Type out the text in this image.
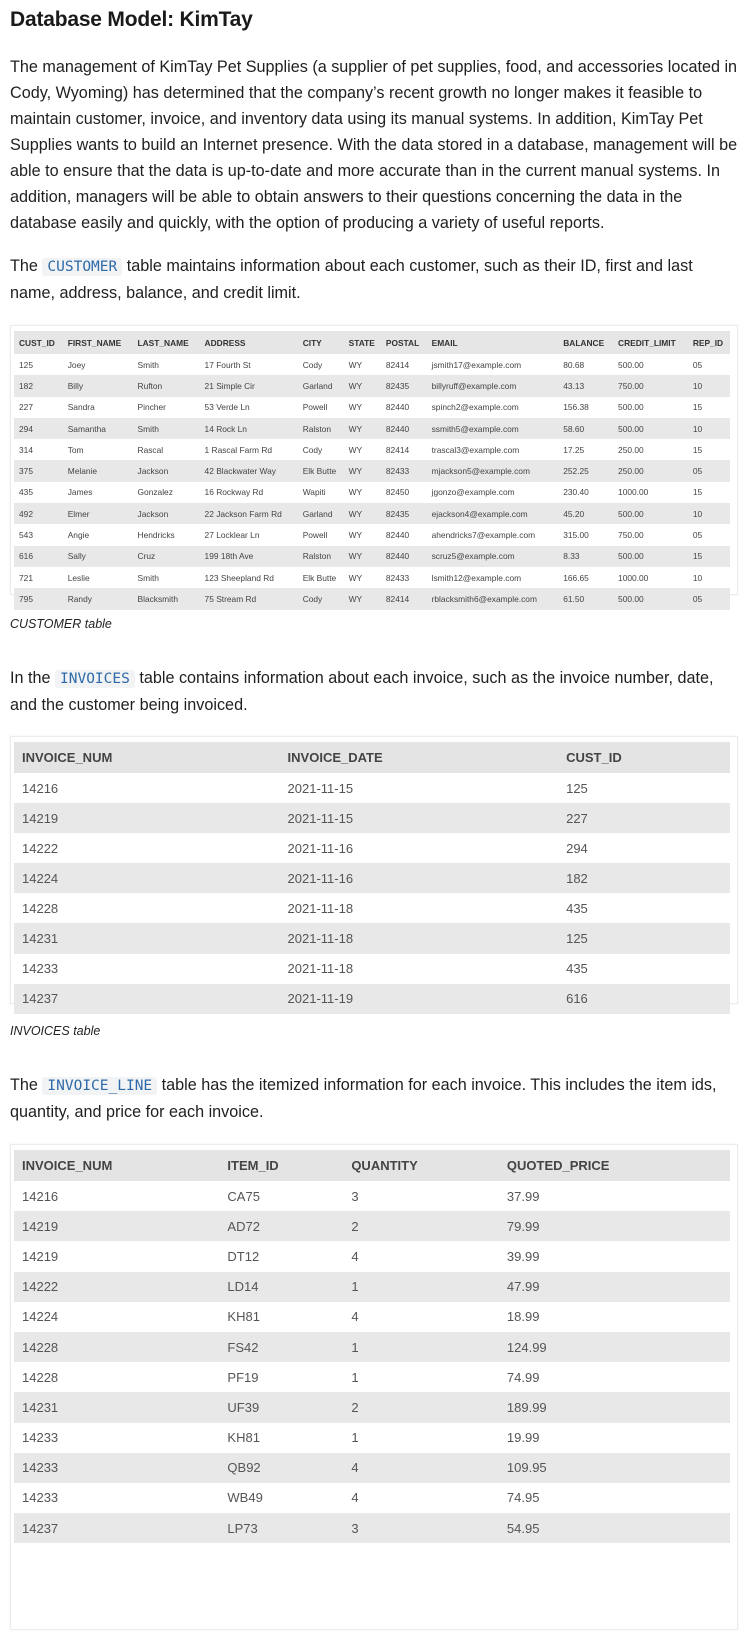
Database Model: KimTay

The management of KimTay Pet Supplies (a supplier of pet supplies, food, and accessories located in Cody, Wyoming) has determined that the company’s recent growth no longer makes it feasible to maintain customer, invoice, and inventory data using its manual systems. In addition, KimTay Pet Supplies wants to build an Internet presence. With the data stored in a database, management will be able to ensure that the data is up-to-date and more accurate than in the current manual systems. In addition, managers will be able to obtain answers to their questions concerning the data in the database easily and quickly, with the option of producing a variety of useful reports.

The CUSTOMER table maintains information about each customer, such as their ID, first and last name, address, balance, and credit limit.

CUST_ID	FIRST_NAME	LAST_NAME	ADDRESS	CITY	STATE	POSTAL	EMAIL	BALANCE	CREDIT_LIMIT	REP_ID
125	Joey	Smith	17 Fourth St	Cody	WY	82414	jsmith17@example.com	80.68	500.00	05
182	Billy	Rufton	21 Simple Cir	Garland	WY	82435	billyruff@example.com	43.13	750.00	10
227	Sandra	Pincher	53 Verde Ln	Powell	WY	82440	spinch2@example.com	156.38	500.00	15
294	Samantha	Smith	14 Rock Ln	Ralston	WY	82440	ssmith5@example.com	58.60	500.00	10
314	Tom	Rascal	1 Rascal Farm Rd	Cody	WY	82414	trascal3@example.com	17.25	250.00	15
375	Melanie	Jackson	42 Blackwater Way	Elk Butte	WY	82433	mjackson5@example.com	252.25	250.00	05
435	James	Gonzalez	16 Rockway Rd	Wapiti	WY	82450	jgonzo@example.com	230.40	1000.00	15
492	Elmer	Jackson	22 Jackson Farm Rd	Garland	WY	82435	ejackson4@example.com	45.20	500.00	10
543	Angie	Hendricks	27 Locklear Ln	Powell	WY	82440	ahendricks7@example.com	315.00	750.00	05
616	Sally	Cruz	199 18th Ave	Ralston	WY	82440	scruz5@example.com	8.33	500.00	15
721	Leslie	Smith	123 Sheepland Rd	Elk Butte	WY	82433	lsmith12@example.com	166.65	1000.00	10
795	Randy	Blacksmith	75 Stream Rd	Cody	WY	82414	rblacksmith6@example.com	61.50	500.00	05

CUSTOMER table

In the INVOICES table contains information about each invoice, such as the invoice number, date, and the customer being invoiced.

INVOICE_NUM	INVOICE_DATE	CUST_ID
14216	2021-11-15	125
14219	2021-11-15	227
14222	2021-11-16	294
14224	2021-11-16	182
14228	2021-11-18	435
14231	2021-11-18	125
14233	2021-11-18	435
14237	2021-11-19	616

INVOICES table

The INVOICE_LINE table has the itemized information for each invoice. This includes the item ids, quantity, and price for each invoice.

INVOICE_NUM	ITEM_ID	QUANTITY	QUOTED_PRICE
14216	CA75	3	37.99
14219	AD72	2	79.99
14219	DT12	4	39.99
14222	LD14	1	47.99
14224	KH81	4	18.99
14228	FS42	1	124.99
14228	PF19	1	74.99
14231	UF39	2	189.99
14233	KH81	1	19.99
14233	QB92	4	109.95
14233	WB49	4	74.95
14237	LP73	3	54.95
